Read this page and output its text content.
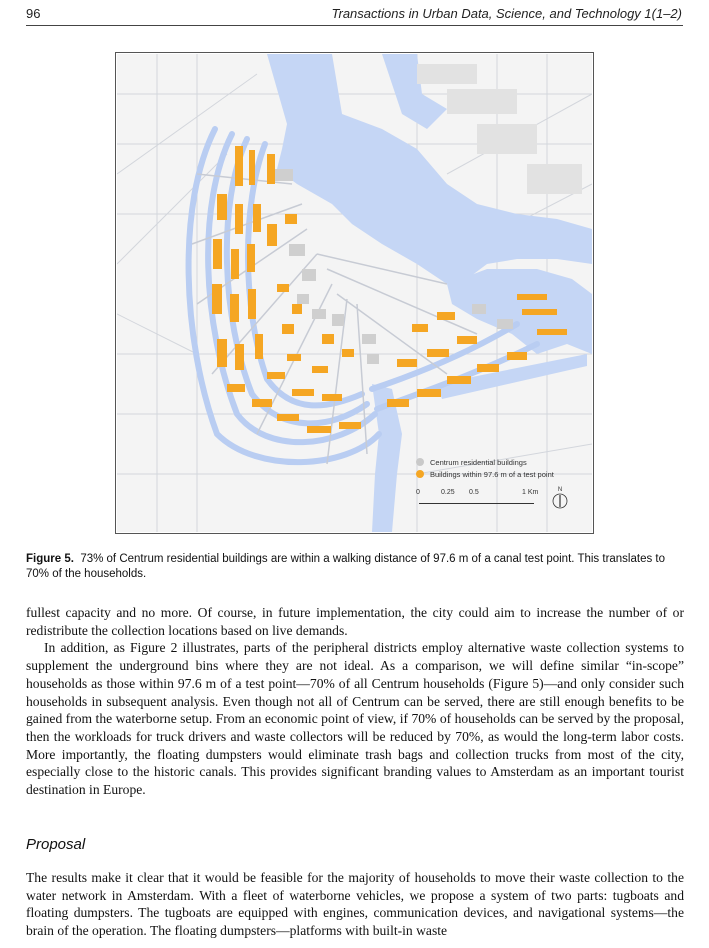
96	Transactions in Urban Data, Science, and Technology 1(1–2)
Centrum residential buildings
Buildings within 97.6 m of a test point
0	0.25 0.5	1 Km	N
Figure 5. 73% of Centrum residential buildings are within a walking distance of 97.6 m of a canal test point. This translates to 70% of the households.

fullest capacity and no more. Of course, in future implementation, the city could aim to increase the number of or redistribute the collection locations based on live demands.

In addition, as Figure 2 illustrates, parts of the peripheral districts employ alternative waste collection systems to supplement the underground bins where they are not ideal. As a comparison, we will define similar “in-scope” households as those within 97.6 m of a test point—70% of all Centrum households (Figure 5)—and only consider such households in subsequent analysis. Even though not all of Centrum can be served, there are still enough benefits to be gained from the waterborne setup. From an economic point of view, if 70% of households can be served by the proposal, then the workloads for truck drivers and waste collectors will be reduced by 70%, as would the long-term labor costs. More importantly, the floating dumpsters would eliminate trash bags and collection trucks from most of the city, especially close to the historic canals. This provides significant branding values to Amsterdam as an important tourist destination in Europe.

Proposal

The results make it clear that it would be feasible for the majority of households to move their waste collection to the water network in Amsterdam. With a fleet of waterborne vehicles, we propose a system of two parts: tugboats and floating dumpsters. The tugboats are equipped with engines, communication devices, and navigational systems—the brain of the operation. The floating dumpsters—platforms with built-in waste
